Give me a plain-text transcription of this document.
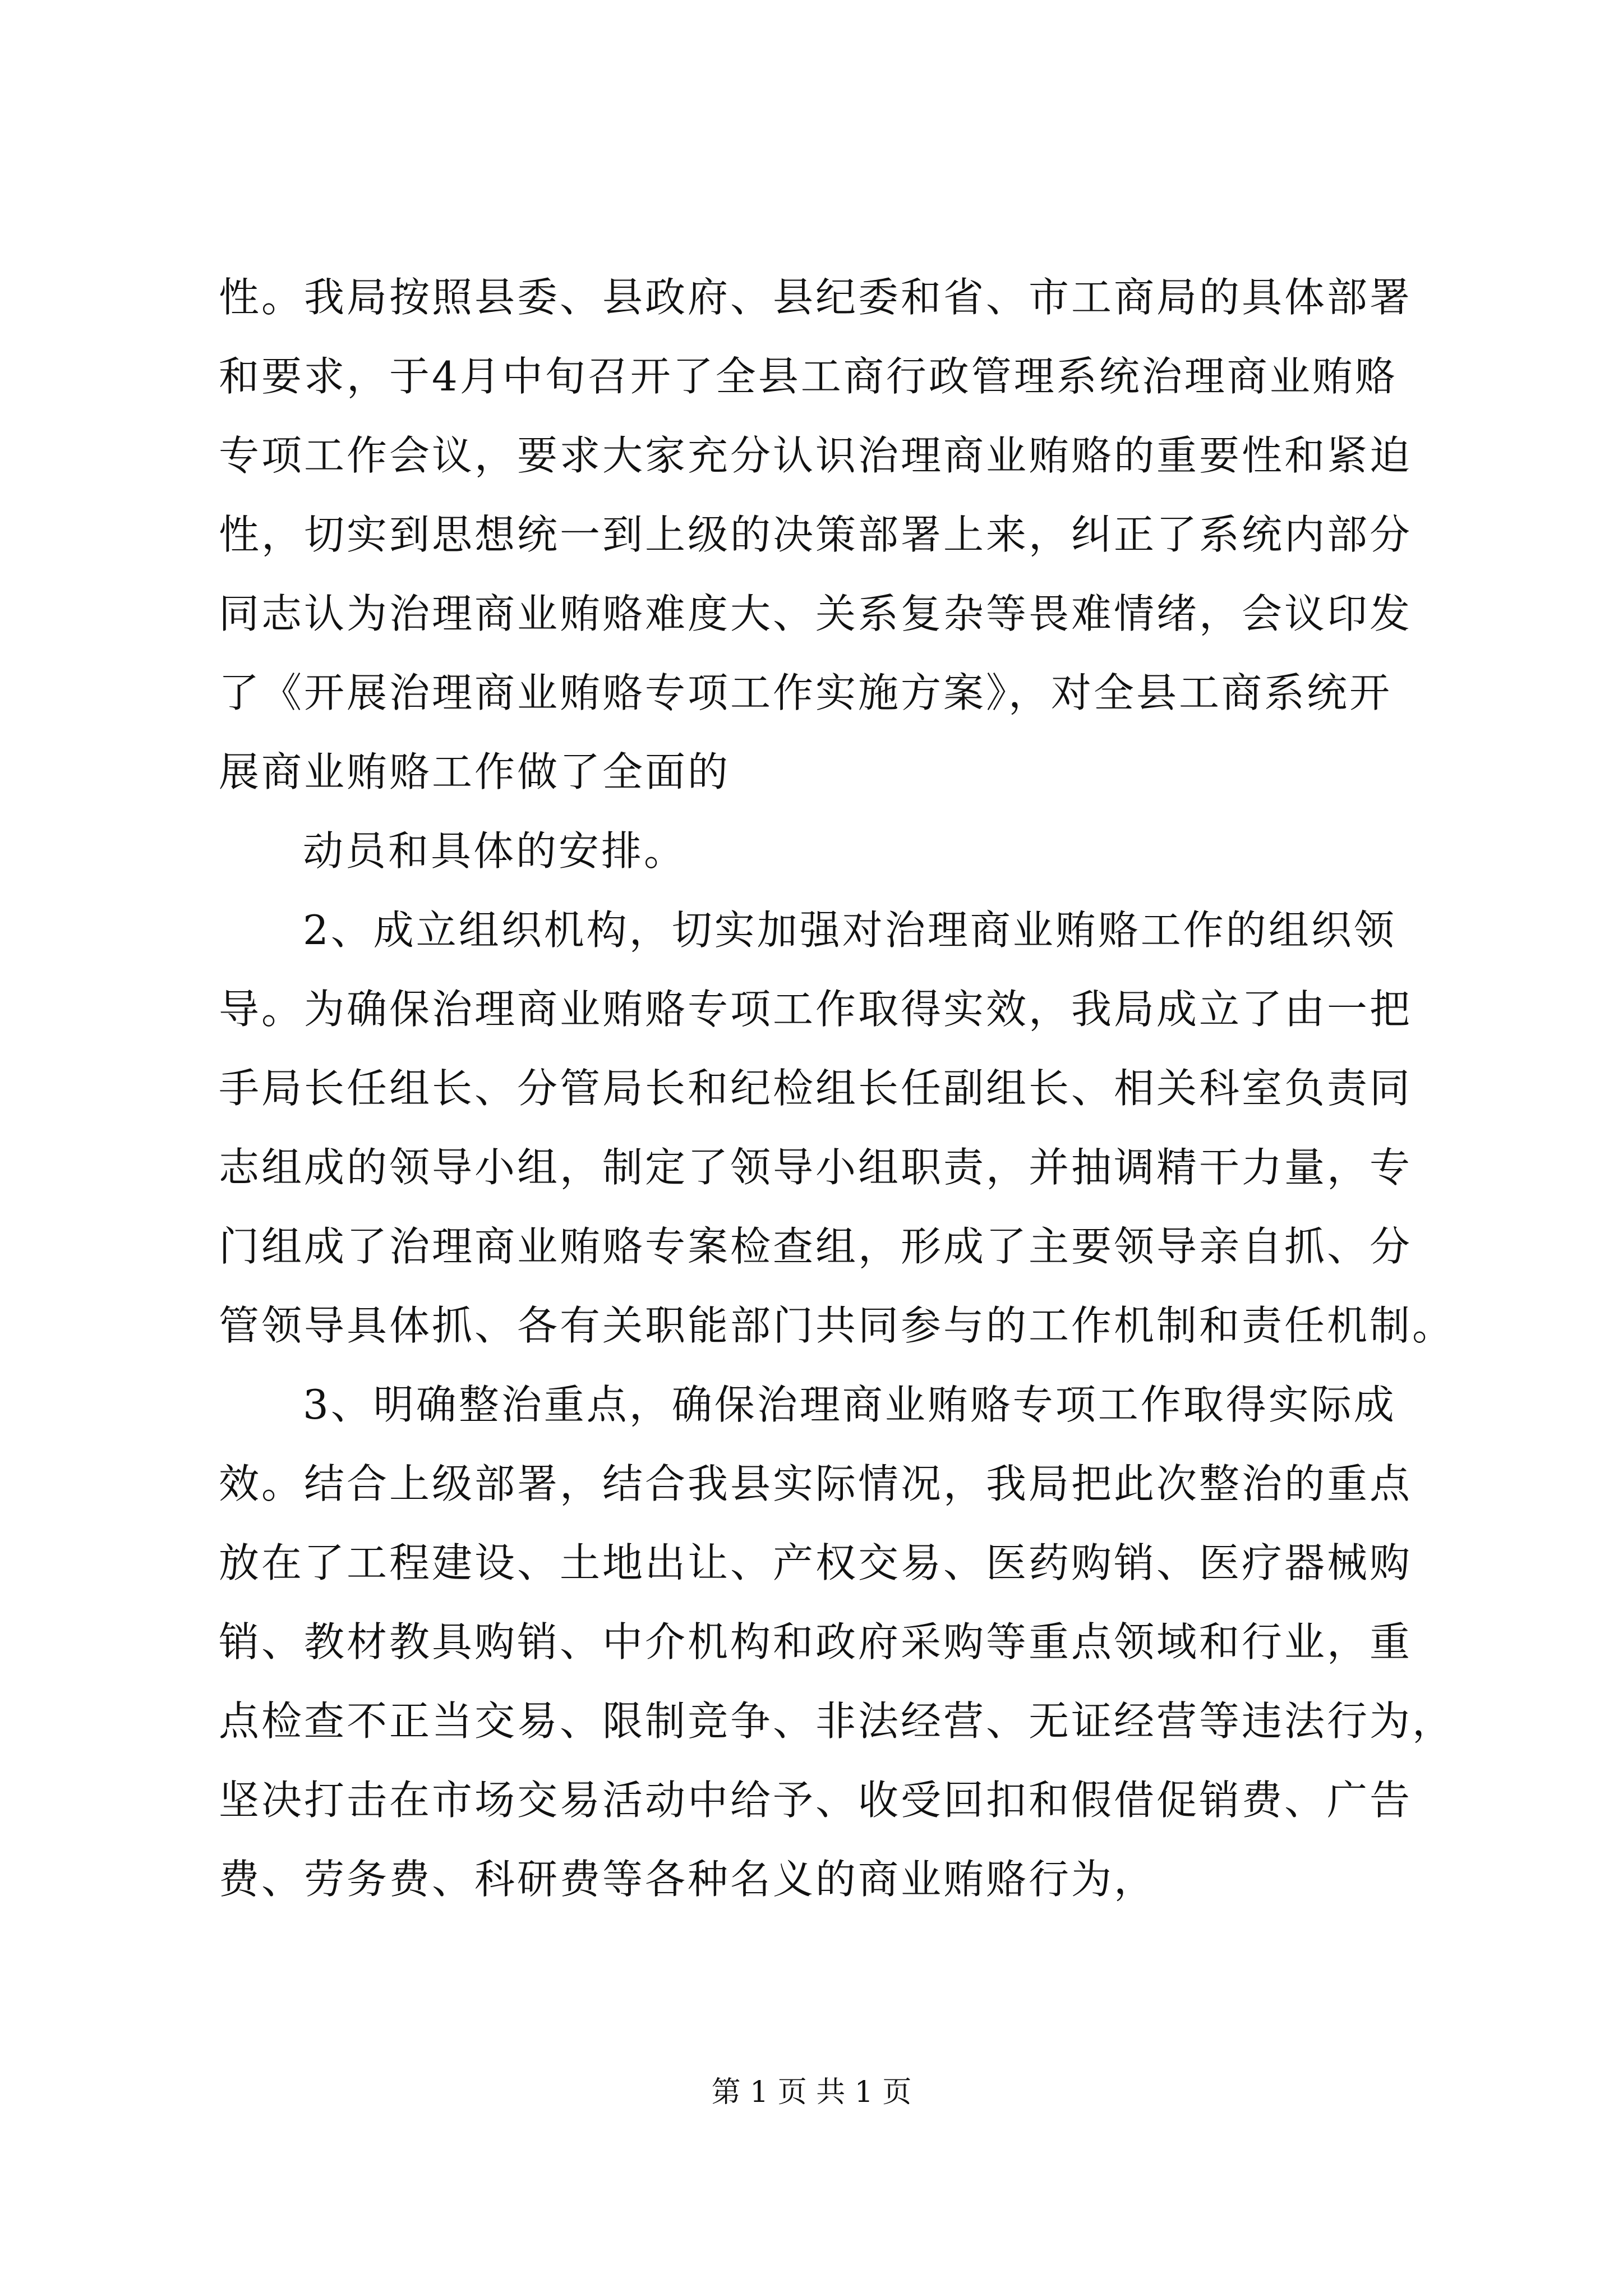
性。我局按照县委、县政府、县纪委和省、市工商局的具体部署
和要求，于4月中旬召开了全县工商行政管理系统治理商业贿赂
专项工作会议，要求大家充分认识治理商业贿赂的重要性和紧迫
性，切实到思想统一到上级的决策部署上来，纠正了系统内部分
同志认为治理商业贿赂难度大、关系复杂等畏难情绪，会议印发
了《开展治理商业贿赂专项工作实施方案》，对全县工商系统开
展商业贿赂工作做了全面的
动员和具体的安排。
2、成立组织机构，切实加强对治理商业贿赂工作的组织领
导。为确保治理商业贿赂专项工作取得实效，我局成立了由一把
手局长任组长、分管局长和纪检组长任副组长、相关科室负责同
志组成的领导小组，制定了领导小组职责，并抽调精干力量，专
门组成了治理商业贿赂专案检查组，形成了主要领导亲自抓、分
管领导具体抓、各有关职能部门共同参与的工作机制和责任机制。
3、明确整治重点，确保治理商业贿赂专项工作取得实际成
效。结合上级部署，结合我县实际情况，我局把此次整治的重点
放在了工程建设、土地出让、产权交易、医药购销、医疗器械购
销、教材教具购销、中介机构和政府采购等重点领域和行业，重
点检查不正当交易、限制竞争、非法经营、无证经营等违法行为，
坚决打击在市场交易活动中给予、收受回扣和假借促销费、广告
费、劳务费、科研费等各种名义的商业贿赂行为，
第 1 页 共 1 页
